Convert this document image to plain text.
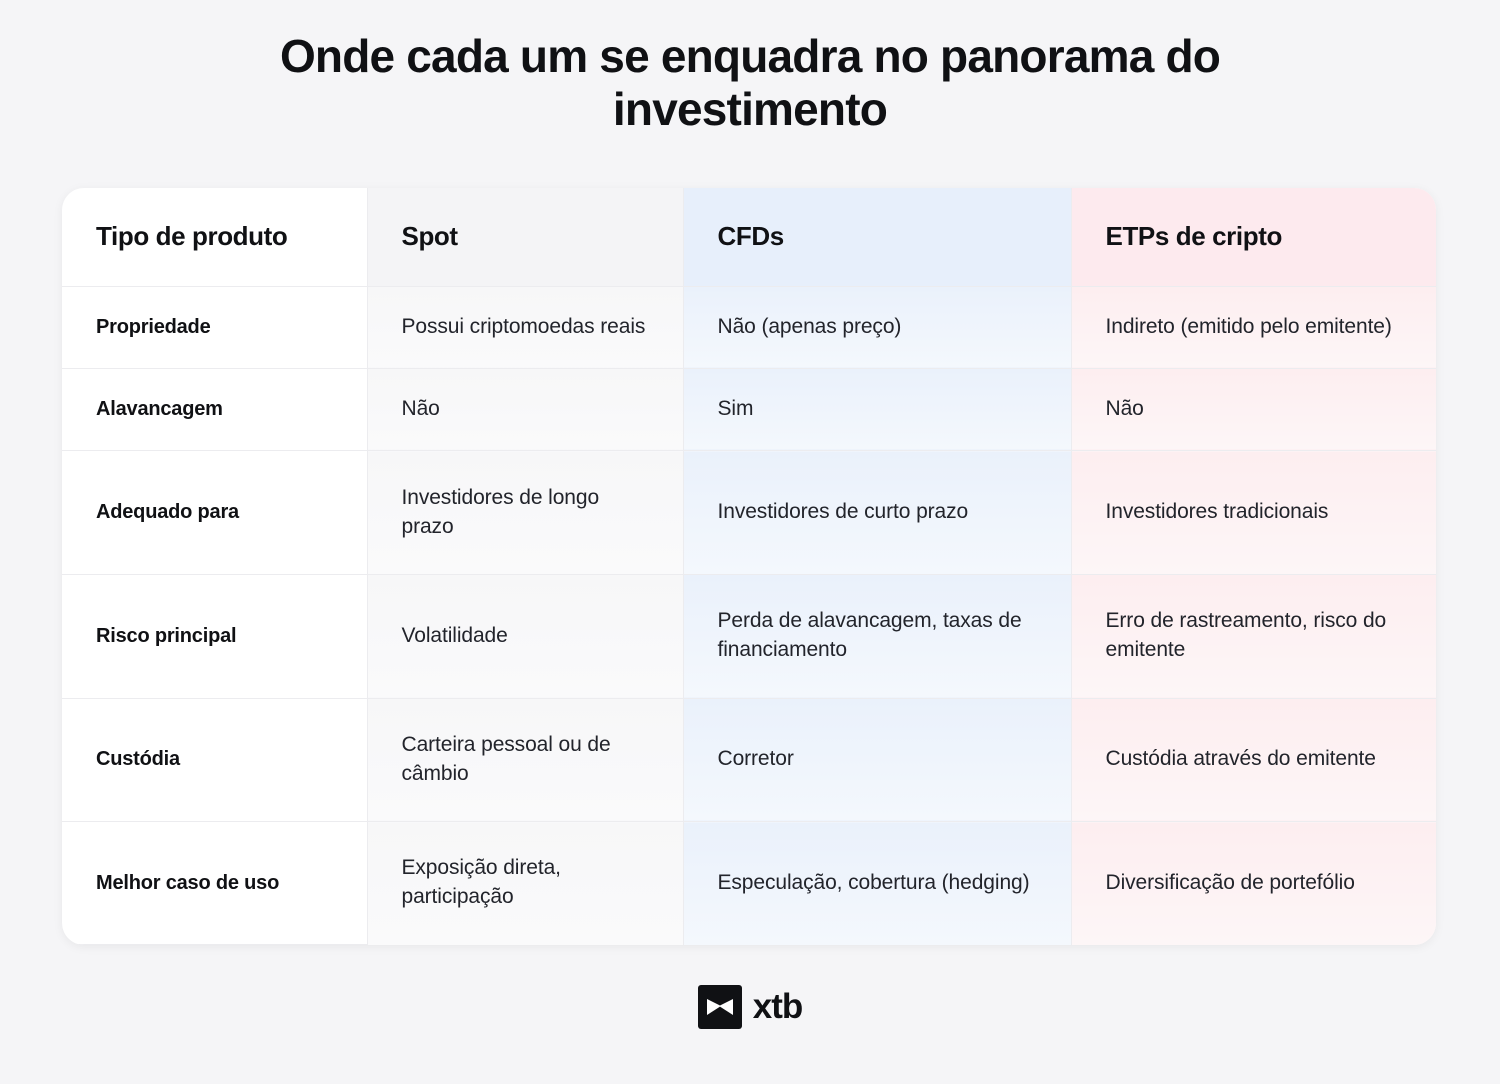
Onde cada um se enquadra no panorama do investimento
Tipo de produto	Spot	CFDs	ETPs de cripto
Propriedade	Possui criptomoedas reais	Não (apenas preço)	Indireto (emitido pelo emitente)
Alavancagem	Não	Sim	Não
Adequado para	Investidores de longo prazo	Investidores de curto prazo	Investidores tradicionais
Risco principal	Volatilidade	Perda de alavancagem, taxas de financiamento	Erro de rastreamento, risco do emitente
Custódia	Carteira pessoal ou de câmbio	Corretor	Custódia através do emitente
Melhor caso de uso	Exposição direta, participação	Especulação, cobertura (hedging)	Diversificação de portefólio
xtb
